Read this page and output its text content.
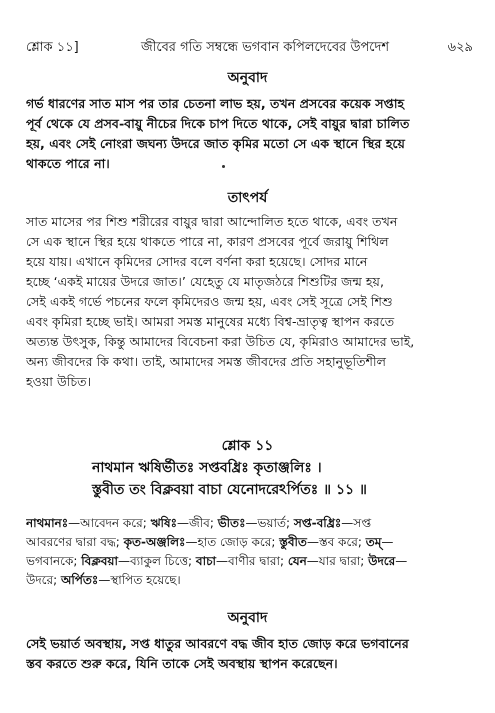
শ্লোক ১১]	জীবের গতি সম্বন্ধে ভগবান কপিলদেবের উপদেশ	৬২৯
অনুবাদ
গর্ভ ধারণের সাত মাস পর তার চেতনা লাভ হয়, তখন প্রসবের কয়েক সপ্তাহ
পূর্ব থেকে যে প্রসব-বায়ু নীচের দিকে চাপ দিতে থাকে, সেই বায়ুর দ্বারা চালিত
হয়, এবং সেই নোংরা জঘন্য উদরে জাত কৃমির মতো সে এক স্থানে স্থির হয়ে
থাকতে পারে না।
তাৎপর্য
সাত মাসের পর শিশু শরীরের বায়ুর দ্বারা আন্দোলিত হতে থাকে, এবং তখন
সে এক স্থানে স্থির হয়ে থাকতে পারে না, কারণ প্রসবের পূর্বে জরায়ু শিথিল
হয়ে যায়। এখানে কৃমিদের সোদর বলে বর্ণনা করা হয়েছে। সোদর মানে
হচ্ছে ‘একই মায়ের উদরে জাত।’ যেহেতু যে মাতৃজঠরে শিশুটির জন্ম হয়,
সেই একই গর্ভে পচনের ফলে কৃমিদেরও জন্ম হয়, এবং সেই সূত্রে সেই শিশু
এবং কৃমিরা হচ্ছে ভাই। আমরা সমস্ত মানুষের মধ্যে বিশ্ব-ভ্রাতৃত্ব স্থাপন করতে
অত্যন্ত উৎসুক, কিন্তু আমাদের বিবেচনা করা উচিত যে, কৃমিরাও আমাদের ভাই,
অন্য জীবদের কি কথা। তাই, আমাদের সমস্ত জীবদের প্রতি সহানুভূতিশীল
হওয়া উচিত।
শ্লোক ১১
নাথমান ঋষির্ভীতঃ সপ্তবধ্রিঃ কৃতাঞ্জলিঃ ।
স্তুবীত তং বিক্লবয়া বাচা যেনোদরেঽর্পিতঃ ॥ ১১ ॥
নাথমানঃ—আবেদন করে; ঋষিঃ—জীব; ভীতঃ—ভয়ার্ত; সপ্ত-বধ্রিঃ—সপ্ত
আবরণের দ্বারা বদ্ধ; কৃত-অঞ্জলিঃ—হাত জোড় করে; স্তুবীত—স্তব করে; তম্—
ভগবানকে; বিক্লবয়া—ব্যাকুল চিত্তে; বাচা—বাণীর দ্বারা; যেন—যার দ্বারা; উদরে—
উদরে; অর্পিতঃ—স্থাপিত হয়েছে।
অনুবাদ
সেই ভয়ার্ত অবস্থায়, সপ্ত ধাতুর আবরণে বদ্ধ জীব হাত জোড় করে ভগবানের
স্তব করতে শুরু করে, যিনি তাকে সেই অবস্থায় স্থাপন করেছেন।
